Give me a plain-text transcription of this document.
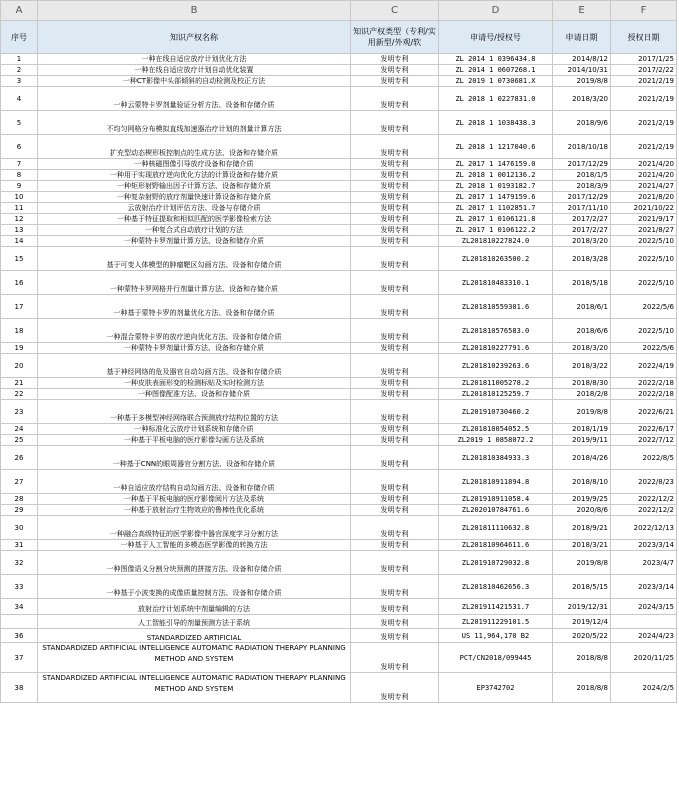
A	B	C	D	E	F
序号	知识产权名称	知识产权类型（专利/实用新型/外观/软	申请号/授权号	申请日期	授权日期
1	一种在线自适应放疗计划优化方法	发明专利	ZL 2014 1 0396434.8	2014/8/12	2017/1/25
2	一种在线自适应放疗计划自动优化装置	发明专利	ZL 2014 1 0607268.1	2014/10/31	2017/2/22
3	一种CT影像中头部倾斜的自动检测及校正方法	发明专利	ZL 2019 1 0730681.X	2019/8/8	2021/2/19
4	一种云蒙特卡罗剂量验证分析方法、设备和存储介质	发明专利	ZL 2018 1 0227831.0	2018/3/20	2021/2/19
5	不均匀网格分布模拟直线加速器治疗计划的剂量计算方法	发明专利	ZL 2018 1 1038438.3	2018/9/6	2021/2/19
6	扩充型动态楔形板控制点的生成方法、设备和存储介质	发明专利	ZL 2018 1 1217040.6	2018/10/18	2021/2/19
7	一种核磁图像引导放疗设备和存储介质	发明专利	ZL 2017 1 1476159.0	2017/12/29	2021/4/20
8	一种用于实现放疗逆向优化方法的计算设备和存储介质	发明专利	ZL 2018 1 0012136.2	2018/1/5	2021/4/20
9	一种矩形射野输出因子计算方法、设备和存储介质	发明专利	ZL 2018 1 0193182.7	2018/3/9	2021/4/27
10	一种复杂射野的放疗剂量快速计算设备和存储介质	发明专利	ZL 2017 1 1479159.6	2017/12/29	2021/8/20
11	云放射治疗计划评估方法、设备与存储介质	发明专利	ZL 2017 1 1102851.7	2017/11/10	2021/10/22
12	一种基于特征提取和相似匹配的医学影像检索方法	发明专利	ZL 2017 1 0106121.8	2017/2/27	2021/9/17
13	一种复合式自动放疗计划的方法	发明专利	ZL 2017 1 0106122.2	2017/2/27	2021/8/27
14	一种蒙特卡罗剂量计算方法、设备和储存介质	发明专利	ZL201810227824.0	2018/3/20	2022/5/10
15	基于可变人体模型的肿瘤靶区勾画方法、设备和存储介质	发明专利	ZL201810263500.2	2018/3/28	2022/5/10
16	一种蒙特卡罗网格并行剂量计算方法、设备和存储介质	发明专利	ZL201810483310.1	2018/5/18	2022/5/10
17	一种基于蒙特卡罗的剂量优化方法、设备和存储介质	发明专利	ZL201810559301.6	2018/6/1	2022/5/6
18	一种混合蒙特卡罗的放疗逆向优化方法、设备和存储介质	发明专利	ZL201810576583.0	2018/6/6	2022/5/10
19	一种蒙特卡罗剂量计算方法、设备和存储介质	发明专利	ZL201810227791.6	2018/3/20	2022/5/6
20	基于神经网络的危及器官自动勾画方法、设备和存储介质	发明专利	ZL201810239263.6	2018/3/22	2022/4/19
21	一种皮肤表面形变的检测标贴及实时检测方法	发明专利	ZL201811005278.2	2018/8/30	2022/2/18
22	一种图像配准方法、设备和存储介质	发明专利	ZL201810125259.7	2018/2/8	2022/2/18
23	一种基于多模型神经网络联合预测放疗结构位置的方法	发明专利	ZL201910730460.2	2019/8/8	2022/6/21
24	一种标准化云放疗计划系统和存储介质	发明专利	ZL201810054052.5	2018/1/19	2022/6/17
25	一种基于平板电脑的医疗影像勾画方法及系统	发明专利	ZL2019 1 0858072.2	2019/9/11	2022/7/12
26	一种基于CNN的眼周器官分割方法、设备和存储介质	发明专利	ZL201810384933.3	2018/4/26	2022/8/5
27	一种自适应放疗结构自动勾画方法、设备和存储介质	发明专利	ZL201810911894.8	2018/8/10	2022/8/23
28	一种基于平板电脑的医疗影像阅片方法及系统	发明专利	ZL201910911058.4	2019/9/25	2022/12/2
29	一种基于放射治疗生物效应的鲁棒性优化系统	发明专利	ZL202010784761.6	2020/8/6	2022/12/2
30	一种融合高级特征的医学影像中器官深度学习分割方法	发明专利	ZL201811110632.8	2018/9/21	2022/12/13
31	一种基于人工智能的多模态医学影像的转换方法	发明专利	ZL201810964611.6	2018/3/21	2023/3/14
32	一种图像语义分割分块预测的拼接方法、设备和存储介质	发明专利	ZL201910729032.8	2019/8/8	2023/4/7
33	一种基于小波变换的成像质量控制方法、设备和存储介质	发明专利	ZL201810462656.3	2018/5/15	2023/3/14
34	放射治疗计划系统中剂量编辑的方法	发明专利	ZL201911421531.7	2019/12/31	2024/3/15
	人工智能引导的剂量预测方法于系统	发明专利	ZL201911229101.5	2019/12/4	
36	STANDARDIZED ARTIFICIAL	发明专利	US 11,964,170 B2	2020/5/22	2024/4/23
37	STANDARDIZED ARTIFICIAL INTELLIGENCE AUTOMATIC RADIATION THERAPY PLANNING METHOD AND SYSTEM	发明专利	PCT/CN2018/099445	2018/8/8	2020/11/25
38	STANDARDIZED ARTIFICIAL INTELLIGENCE AUTOMATIC RADIATION THERAPY PLANNING METHOD AND SYSTEM	发明专利	EP3742702	2018/8/8	2024/2/5
